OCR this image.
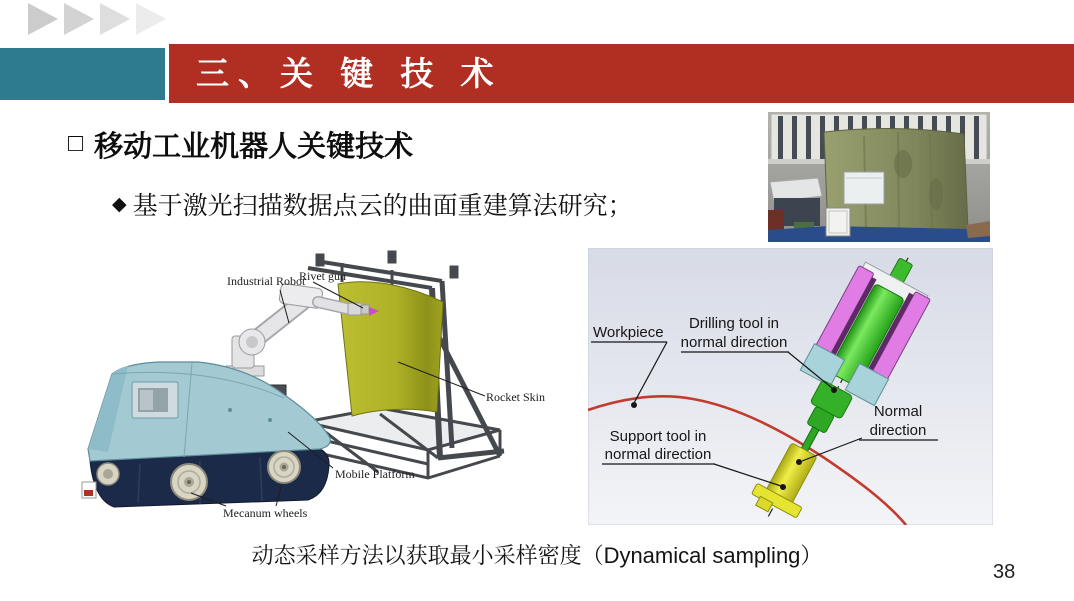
三、关 键 技 术
□ 移动工业机器人关键技术
◆ 基于激光扫描数据点云的曲面重建算法研究；
Industrial Robot
Rivet gun
Rocket Skin
Mobile Platform
Mecanum wheels
Workpiece
Drilling tool in
normal direction
Normal
direction
Support tool in
normal direction
动态采样方法以获取最小采样密度（Dynamical sampling）
38
